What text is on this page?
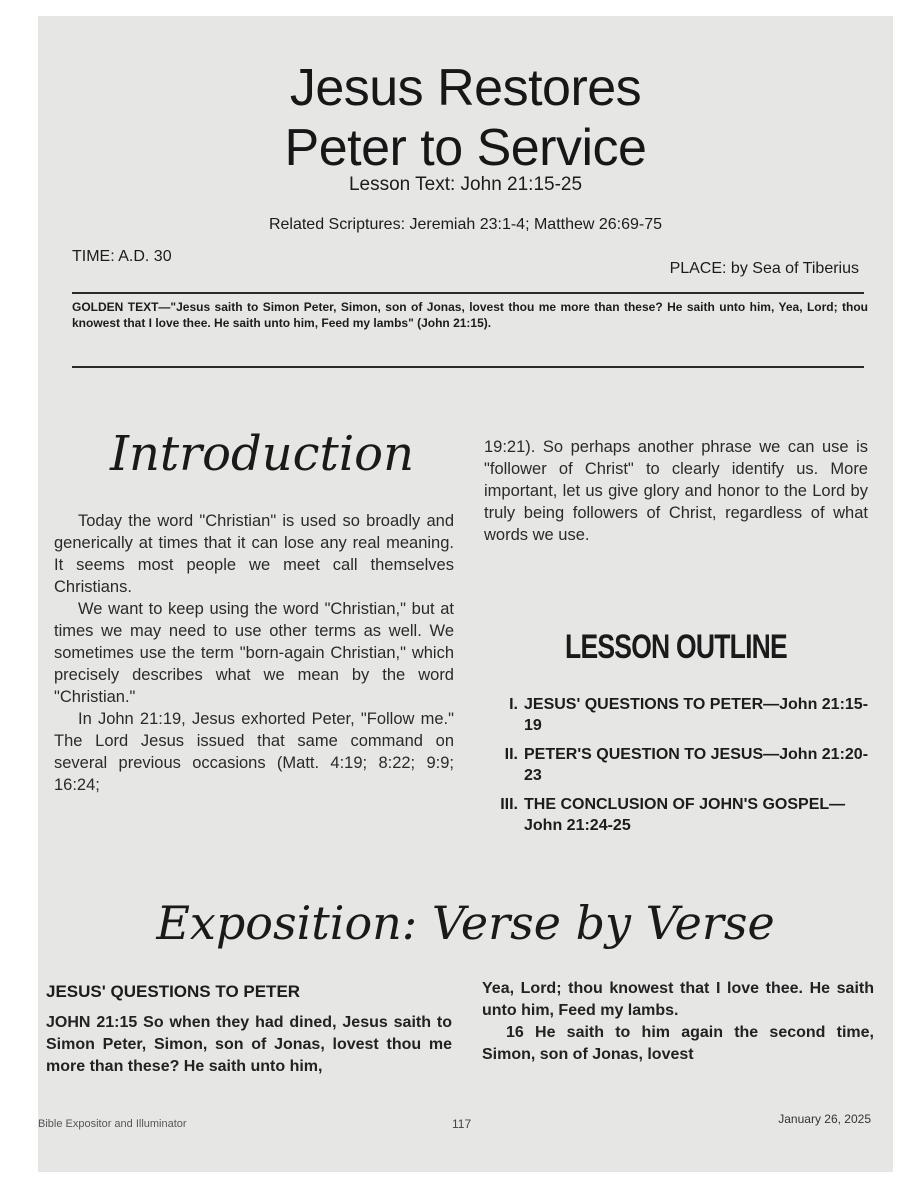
Jesus Restores
Peter to Service
Lesson Text: John 21:15-25
Related Scriptures: Jeremiah 23:1-4; Matthew 26:69-75
TIME: A.D. 30
PLACE: by Sea of Tiberius

GOLDEN TEXT—"Jesus saith to Simon Peter, Simon, son of Jonas, lovest thou me more than these? He saith unto him, Yea, Lord; thou knowest that I love thee. He saith unto him, Feed my lambs" (John 21:15).

Introduction

Today the word "Christian" is used so broadly and generically at times that it can lose any real meaning. It seems most people we meet call themselves Christians.

We want to keep using the word "Christian," but at times we may need to use other terms as well. We sometimes use the term "born-again Christian," which precisely describes what we mean by the word "Christian."

In John 21:19, Jesus exhorted Peter, "Follow me." The Lord Jesus issued that same command on several previous occasions (Matt. 4:19; 8:22; 9:9; 16:24;

19:21). So perhaps another phrase we can use is "follower of Christ" to clearly identify us. More important, let us give glory and honor to the Lord by truly being followers of Christ, regardless of what words we use.

LESSON OUTLINE
I. JESUS' QUESTIONS TO PETER—John 21:15-19
II. PETER'S QUESTION TO JESUS—John 21:20-23
III. THE CONCLUSION OF JOHN'S GOSPEL—John 21:24-25
Exposition: Verse by Verse
JESUS' QUESTIONS TO PETER

JOHN 21:15 So when they had dined, Jesus saith to Simon Peter, Simon, son of Jonas, lovest thou me more than these? He saith unto him,

Yea, Lord; thou knowest that I love thee. He saith unto him, Feed my lambs.

16 He saith to him again the second time, Simon, son of Jonas, lovest

Bible Expositor and Illuminator	117	January 26, 2025
